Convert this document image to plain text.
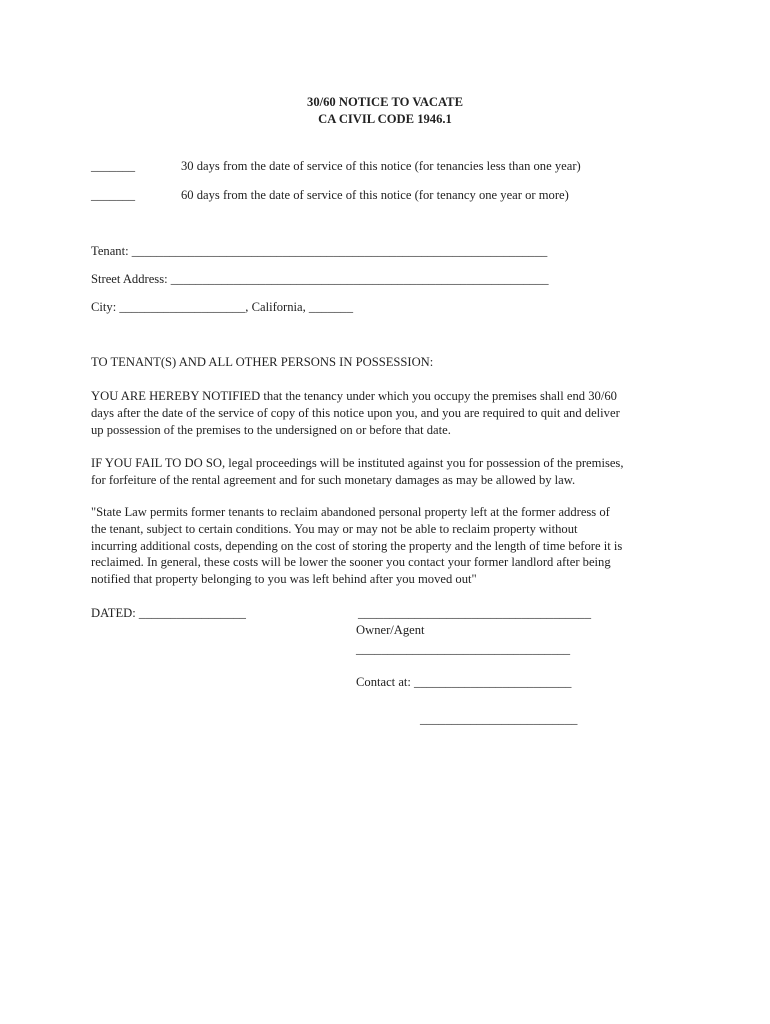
30/60 NOTICE TO VACATE
CA CIVIL CODE 1946.1
_______	30 days from the date of service of this notice (for tenancies less than one year)
_______	60 days from the date of service of this notice (for tenancy one year or more)
Tenant: __________________________________________________________________
Street Address: ____________________________________________________________
City: ____________________, California, _______
TO TENANT(S) AND ALL OTHER PERSONS IN POSSESSION:
YOU ARE HEREBY NOTIFIED that the tenancy under which you occupy the premises shall end 30/60
days after the date of the service of copy of this notice upon you, and you are required to quit and deliver
up possession of the premises to the undersigned on or before that date.
IF YOU FAIL TO DO SO, legal proceedings will be instituted against you for possession of the premises,
for forfeiture of the rental agreement and for such monetary damages as may be allowed by law.
"State Law permits former tenants to reclaim abandoned personal property left at the former address of
the tenant, subject to certain conditions. You may or may not be able to reclaim property without
incurring additional costs, depending on the cost of storing the property and the length of time before it is
reclaimed. In general, these costs will be lower the sooner you contact your former landlord after being
notified that property belonging to you was left behind after you moved out"
DATED: _________________	_____________________________________
Owner/Agent
__________________________________
Contact at: _________________________
_________________________
